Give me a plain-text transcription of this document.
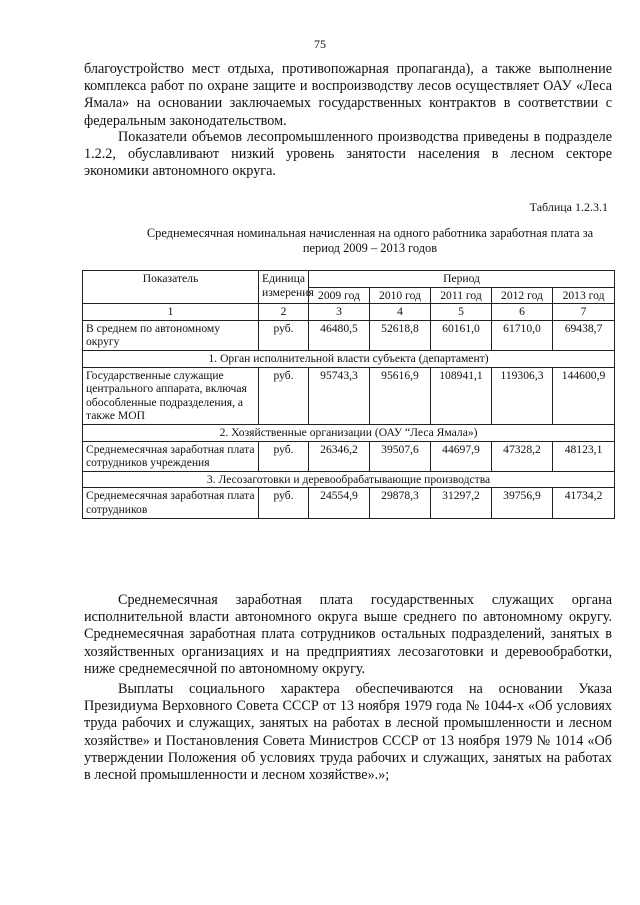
75

благоустройство мест отдыха, противопожарная пропаганда), а также выполнение комплекса работ по охране защите и воспроизводству лесов осуществляет ОАУ «Леса Ямала» на основании заключаемых государственных контрактов в соответствии с федеральным законодательством.

Показатели объемов лесопромышленного производства приведены в подразделе 1.2.2, обуславливают низкий уровень занятости населения в лесном секторе экономики автономного округа.

Таблица 1.2.3.1
Среднемесячная номинальная начисленная на одного работника заработная плата за период 2009 – 2013 годов
Показатель	Единица измерения	Период				
		2009 год	2010 год	2011 год	2012 год	2013 год
1	2	3	4	5	6	7
В среднем по автономному округу	руб.	46480,5	52618,8	60161,0	61710,0	69438,7
1. Орган исполнительной власти субъекта (департамент)						
Государственные служащие центрального аппарата, включая обособленные подразделения, а также МОП	руб.	95743,3	95616,9	108941,1	119306,3	144600,9
2. Хозяйственные организации (ОАУ “Леса Ямала»)						
Среднемесячная заработная плата сотрудников учреждения	руб.	26346,2	39507,6	44697,9	47328,2	48123,1
3. Лесозаготовки и деревообрабатывающие производства						
Среднемесячная заработная плата сотрудников	руб.	24554,9	29878,3	31297,2	39756,9	41734,2

Среднемесячная заработная плата государственных служащих органа исполнительной власти автономного округа выше среднего по автономному округу. Среднемесячная заработная плата сотрудников остальных подразделений, занятых в хозяйственных организациях и на предприятиях лесозаготовки и деревообработки, ниже среднемесячной по автономному округу.

Выплаты социального характера обеспечиваются на основании Указа Президиума Верховного Совета СССР от 13 ноября 1979 года № 1044-х «Об условиях труда рабочих и служащих, занятых на работах в лесной промышленности и лесном хозяйстве» и Постановления Совета Министров СССР от 13 ноября 1979 № 1014 «Об утверждении Положения об условиях труда рабочих и служащих, занятых на работах в лесной промышленности и лесном хозяйстве».»;
